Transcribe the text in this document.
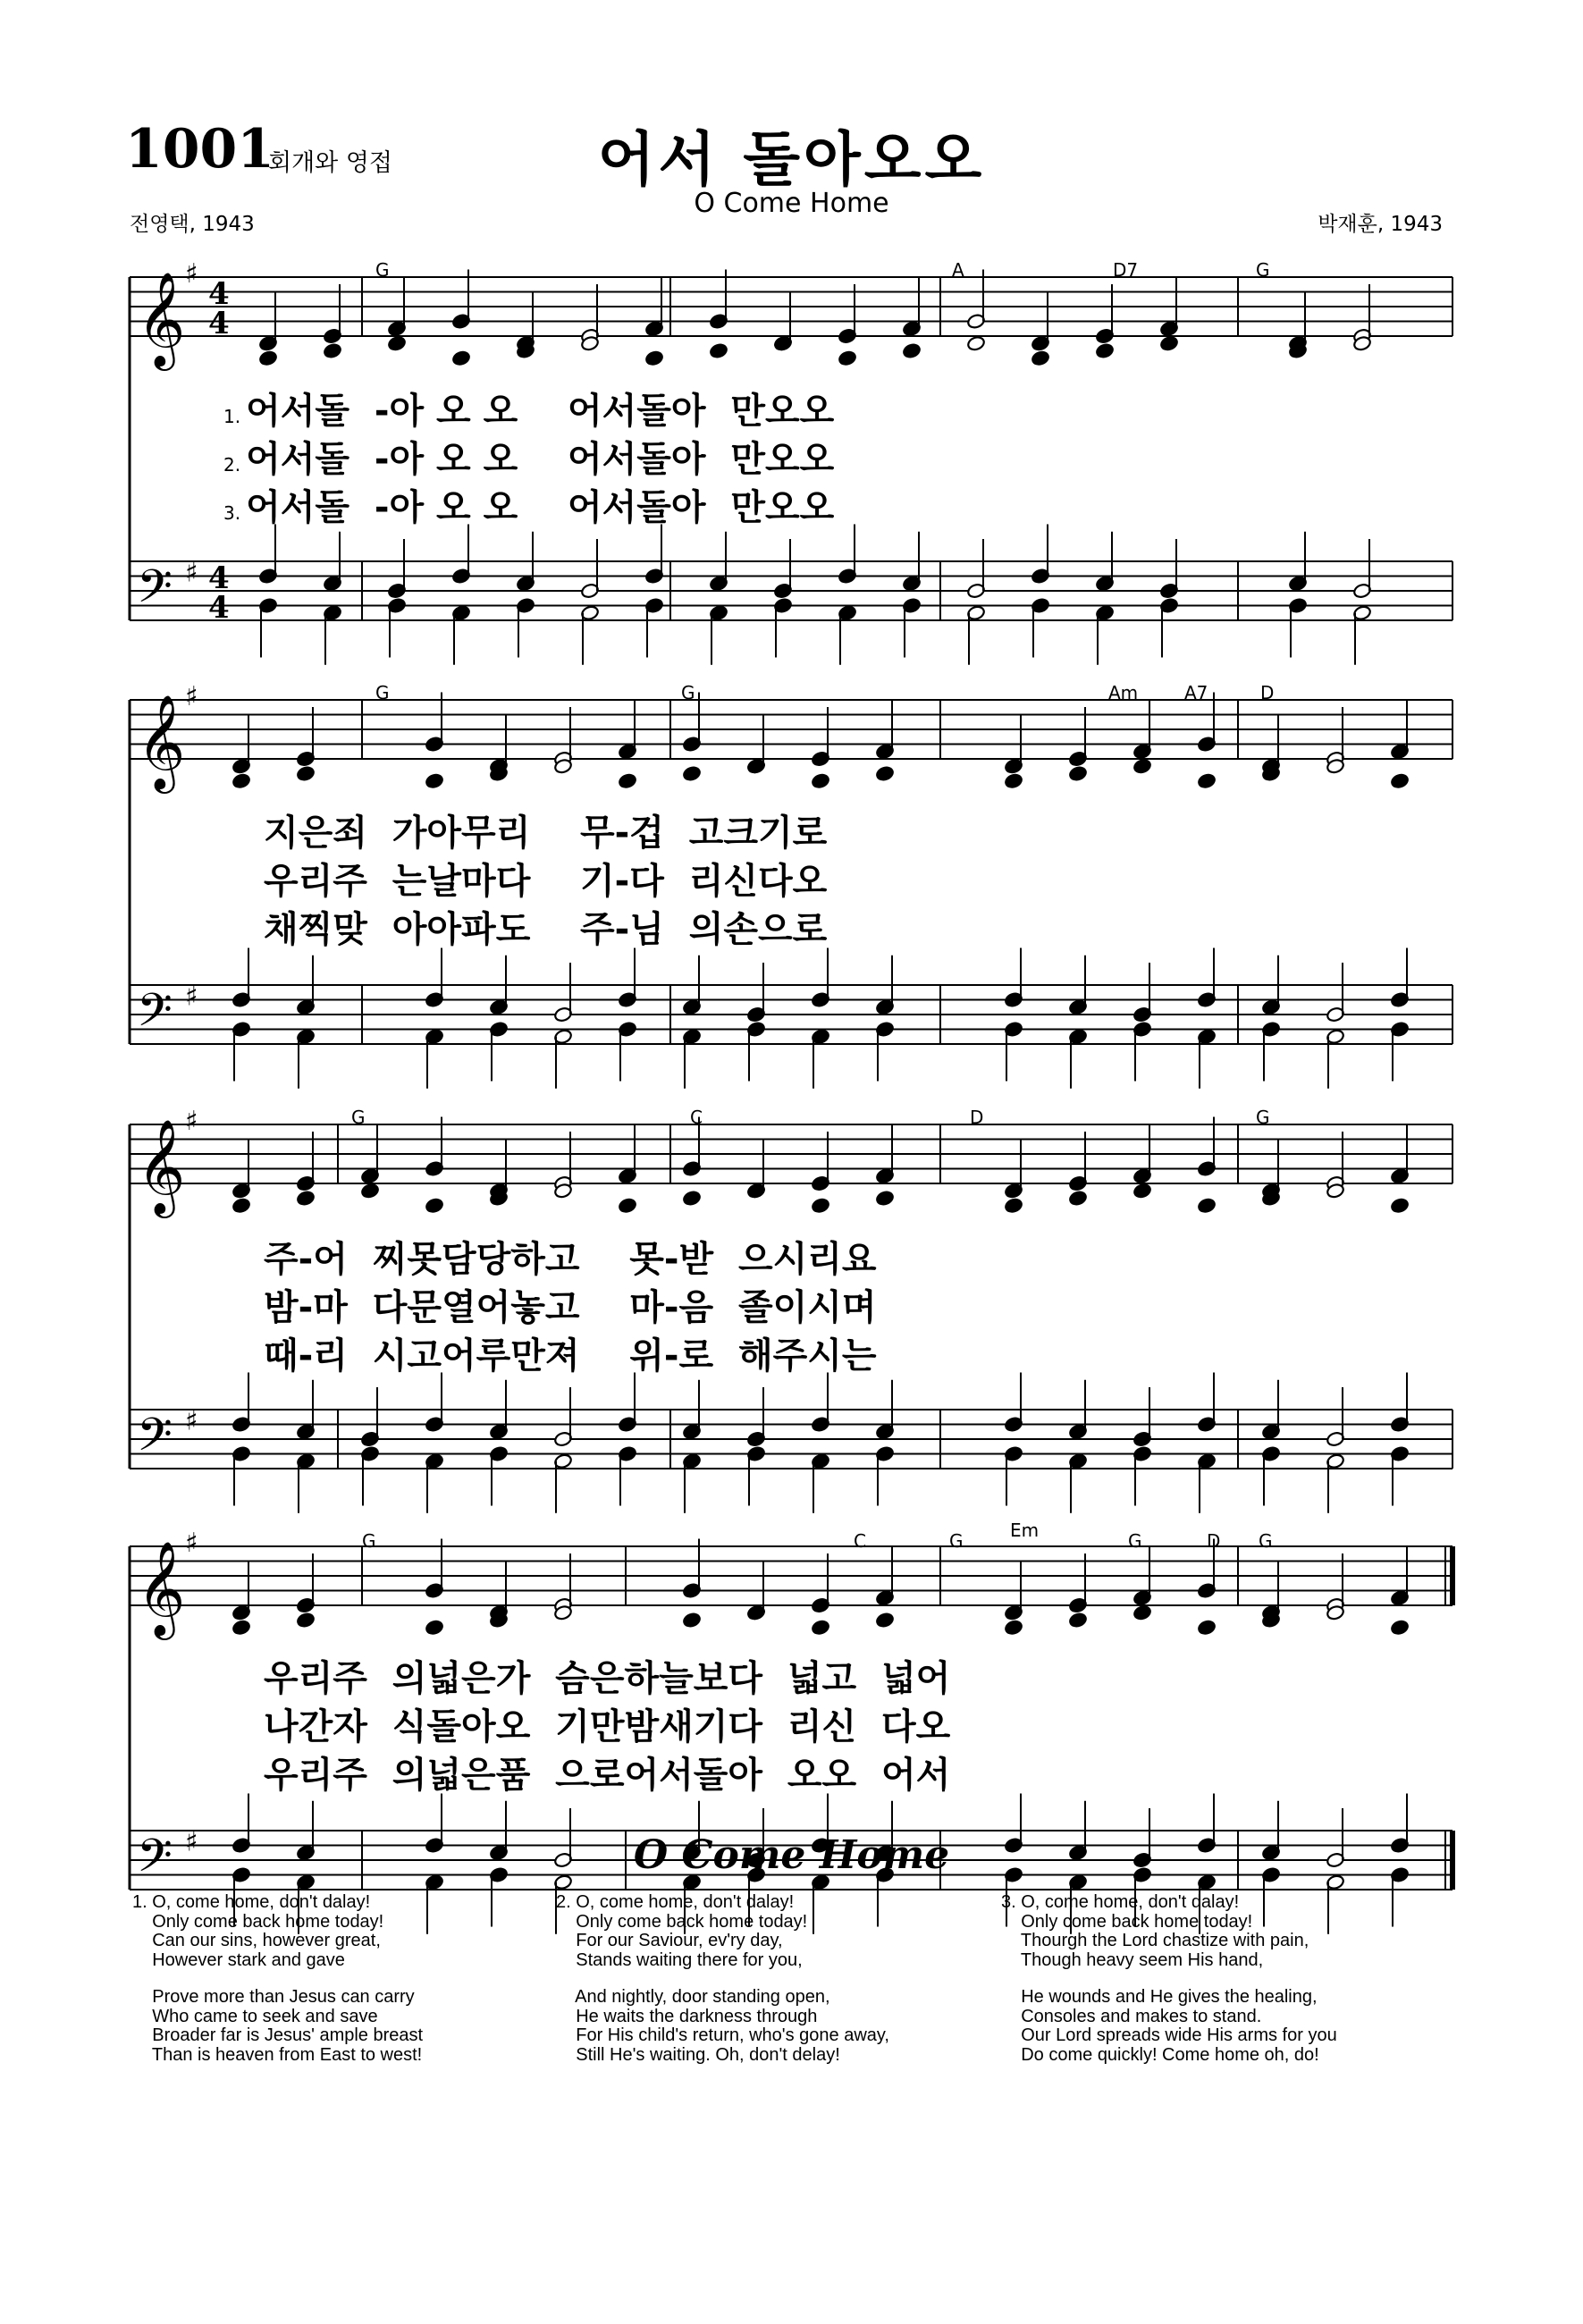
𝄞
𝄢
♯
♯
4
4
4
4
𝄞
𝄢
♯
♯
𝄞
𝄢
♯
♯
𝄞
𝄢
♯
♯
1001
회개와 영접	어서 돌아오오
O Come Home
전영택, 1943	박재훈, 1943
G	A	D7	G
1. 어서돌  -아 오 오    어서돌아  만오오
2. 어서돌  -아 오 오    어서돌아  만오오
3. 어서돌  -아 오 오    어서돌아  만오오
G	G	Am	A7	D
지은죄  가아무리    무-겁  고크기로
우리주  는날마다    기-다  리신다오
채찍맞  아아파도    주-님  의손으로
G	C	D	G
주-어  찌못담당하고    못-받  으시리요
밤-마  다문열어놓고    마-음  졸이시며
때-리  시고어루만져    위-로  해주시는
G	C	G	Em	G	D G
우리주  의넓은가  슴은하늘보다  넓고  넓어
나간자  식돌아오  기만밤새기다  리신  다오
우리주  의넓은품  으로어서돌아  오오  어서
O Come Home
1. O, come home, don't dalay!
Only come back home today!
Can our sins, however great,
However stark and gave
Prove more than Jesus can carry
Who came to seek and save
Broader far is Jesus' ample breast
Than is heaven from East to west!
2. O, come home, don't dalay!
Only come back home today!
For our Saviour, ev'ry day,
Stands waiting there for you,
And nightly, door standing open,
He waits the darkness through
For His child's return, who's gone away,
Still He's waiting. Oh, don't delay!
3. O, come home, don't dalay!
Only come back home today!
Thourgh the Lord chastize with pain,
Though heavy seem His hand,
He wounds and He gives the healing,
Consoles and makes to stand.
Our Lord spreads wide His arms for you
Do come quickly! Come home oh, do!
